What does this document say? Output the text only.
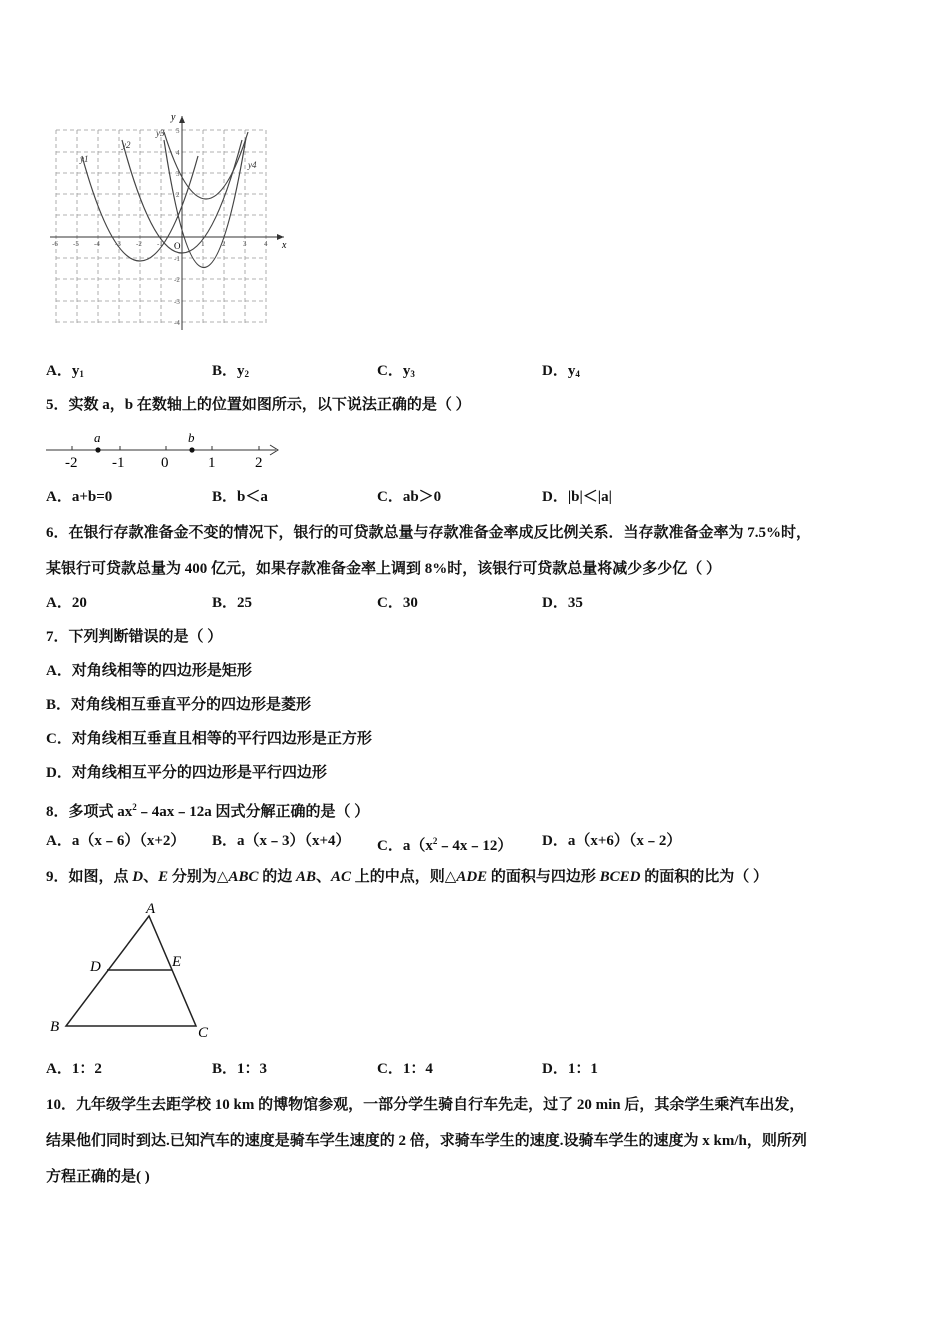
x
y
O
-6 -5 -4 -3 -2 -1	1	2	3	4
5
4
3
2
1
-1
-2
-3
-4
y1
y2
y3
y4
A．$y_1$	B．$y_2$	C．$y_3$	D．$y_4$
5．实数 a，b 在数轴上的位置如图所示，以下说法正确的是（ ）
a	b
-2 -1 0	1	2
A．a+b=0	B．b＜a	C．ab＞0	D．|b|＜|a|
6．在银行存款准备金不变的情况下，银行的可贷款总量与存款准备金率成反比例关系．当存款准备金率为 7.5%时，
某银行可贷款总量为 400 亿元，如果存款准备金率上调到 8%时，该银行可贷款总量将减少多少亿（ ）
A．20	B．25	C．30	D．35
7．下列判断错误的是（ ）
A．对角线相等的四边形是矩形
B．对角线相互垂直平分的四边形是菱形
C．对角线相互垂直且相等的平行四边形是正方形
D．对角线相互平分的四边形是平行四边形
8．多项式 $ax^2﹣4ax﹣12a$ 因式分解正确的是（ ）
A．a（x﹣6）（x+2） B．a（x﹣3）（x+4） C．$a(x^2﹣4x﹣12)$ D．a（x+6）（x﹣2）
9．如图，点 D、E 分别为△ABC 的边 AB、AC 上的中点，则△ADE 的面积与四边形 BCED 的面积的比为（ ）
A
B	C
D	E
A．1：2	B．1：3	C．1：4	D．1：1
10．九年级学生去距学校 10 km 的博物馆参观，一部分学生骑自行车先走，过了 20 min 后，其余学生乘汽车出发，
结果他们同时到达.已知汽车的速度是骑车学生速度的 2 倍，求骑车学生的速度.设骑车学生的速度为 x km/h，则所列
方程正确的是( )
